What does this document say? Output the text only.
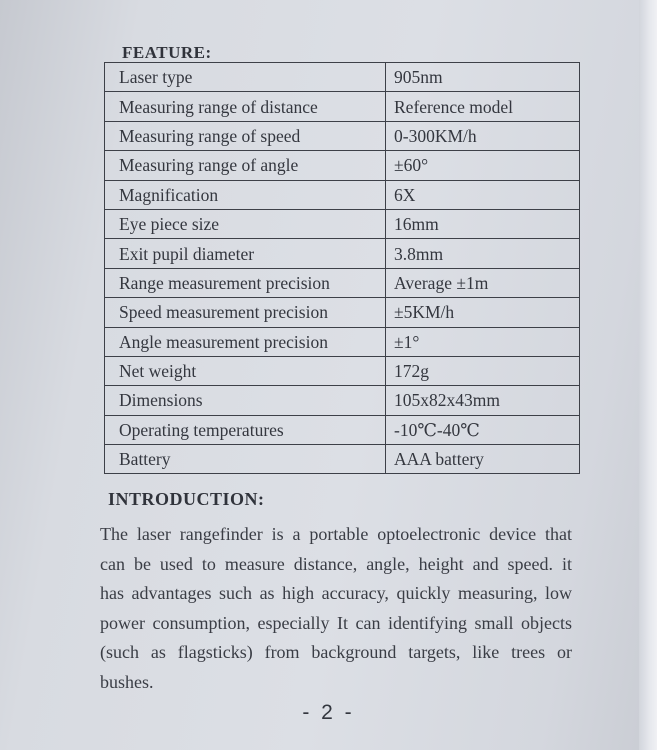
FEATURE:
Laser type	905nm
Measuring range of distance	Reference model
Measuring range of speed	0-300KM/h
Measuring range of angle	±60°
Magnification	6X
Eye piece size	16mm
Exit pupil diameter	3.8mm
Range measurement precision	Average ±1m
Speed measurement precision	±5KM/h
Angle measurement precision	±1°
Net weight	172g
Dimensions	105x82x43mm
Operating temperatures	-10℃-40℃
Battery	AAA battery
INTRODUCTION:
The laser rangefinder is a portable optoelectronic device that can be used to measure distance, angle, height and speed. it has advantages such as high accuracy, quickly measuring, low power consumption, especially It can identifying small objects (such as flagsticks) from background targets, like trees or bushes.
- 2 -
